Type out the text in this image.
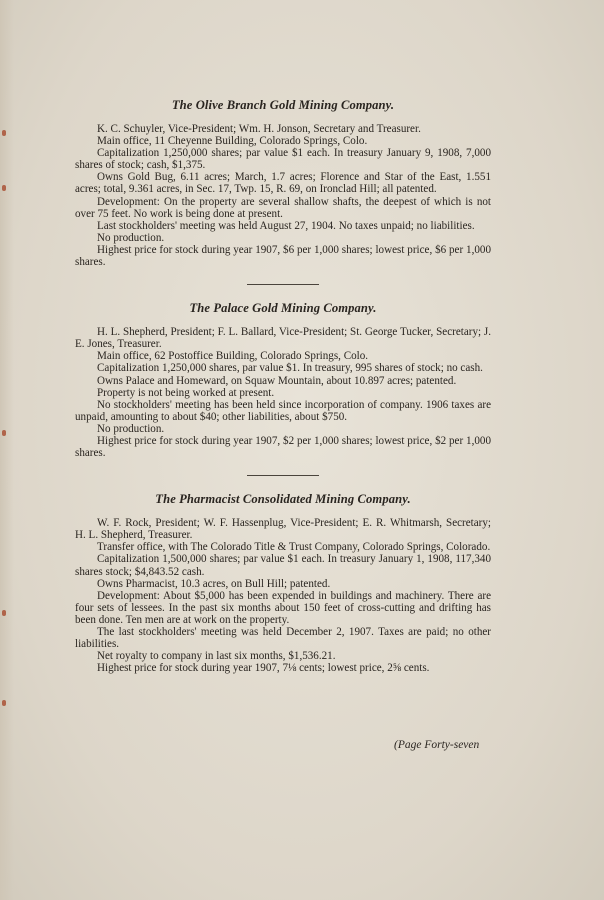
The Olive Branch Gold Mining Company.

K. C. Schuyler, Vice-President; Wm. H. Jonson, Secretary and Treasurer.

Main office, 11 Cheyenne Building, Colorado Springs, Colo.

Capitalization 1,250,000 shares; par value $1 each. In treasury January 9, 1908, 7,000 shares of stock; cash, $1,375.

Owns Gold Bug, 6.11 acres; March, 1.7 acres; Florence and Star of the East, 1.551 acres; total, 9.361 acres, in Sec. 17, Twp. 15, R. 69, on Ironclad Hill; all patented.

Development: On the property are several shallow shafts, the deepest of which is not over 75 feet. No work is being done at present.

Last stockholders' meeting was held August 27, 1904. No taxes unpaid; no liabilities.

No production.

Highest price for stock during year 1907, $6 per 1,000 shares; lowest price, $6 per 1,000 shares.

The Palace Gold Mining Company.

H. L. Shepherd, President; F. L. Ballard, Vice-President; St. George Tucker, Secretary; J. E. Jones, Treasurer.

Main office, 62 Postoffice Building, Colorado Springs, Colo.

Capitalization 1,250,000 shares, par value $1. In treasury, 995 shares of stock; no cash.

Owns Palace and Homeward, on Squaw Mountain, about 10.897 acres; patented.

Property is not being worked at present.

No stockholders' meeting has been held since incorporation of company. 1906 taxes are unpaid, amounting to about $40; other liabilities, about $750.

No production.

Highest price for stock during year 1907, $2 per 1,000 shares; lowest price, $2 per 1,000 shares.

The Pharmacist Consolidated Mining Company.

W. F. Rock, President; W. F. Hassenplug, Vice-President; E. R. Whitmarsh, Secretary; H. L. Shepherd, Treasurer.

Transfer office, with The Colorado Title & Trust Company, Colorado Springs, Colorado.

Capitalization 1,500,000 shares; par value $1 each. In treasury January 1, 1908, 117,340 shares stock; $4,843.52 cash.

Owns Pharmacist, 10.3 acres, on Bull Hill; patented.

Development: About $5,000 has been expended in buildings and machinery. There are four sets of lessees. In the past six months about 150 feet of cross-cutting and drifting has been done. Ten men are at work on the property.

The last stockholders' meeting was held December 2, 1907. Taxes are paid; no other liabilities.

Net royalty to company in last six months, $1,536.21.

Highest price for stock during year 1907, 7⅛ cents; lowest price, 2⅝ cents.

(Page Forty-seven
